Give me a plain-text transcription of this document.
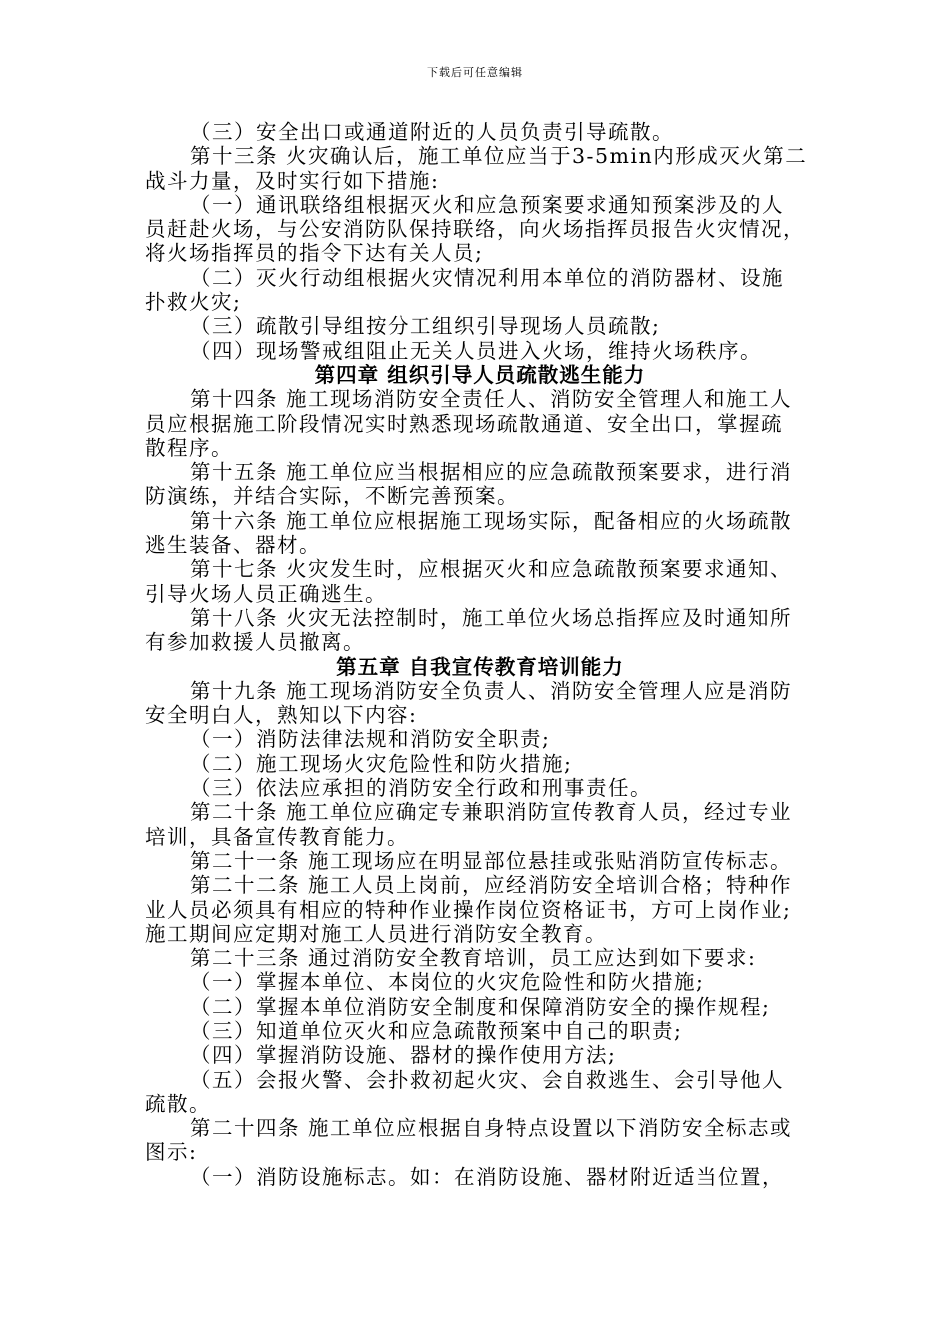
下载后可任意编辑
（三）安全出口或通道附近的人员负责引导疏散。
第十三条 火灾确认后，施工单位应当于3-5min内形成灭火第二
战斗力量，及时实行如下措施:
（一）通讯联络组根据灭火和应急预案要求通知预案涉及的人
员赶赴火场，与公安消防队保持联络，向火场指挥员报告火灾情况，
将火场指挥员的指令下达有关人员;
（二）灭火行动组根据火灾情况利用本单位的消防器材、设施
扑救火灾;
（三）疏散引导组按分工组织引导现场人员疏散;
（四）现场警戒组阻止无关人员进入火场，维持火场秩序。
第四章 组织引导人员疏散逃生能力
第十四条 施工现场消防安全责任人、消防安全管理人和施工人
员应根据施工阶段情况实时熟悉现场疏散通道、安全出口，掌握疏
散程序。
第十五条 施工单位应当根据相应的应急疏散预案要求，进行消
防演练，并结合实际，不断完善预案。
第十六条 施工单位应根据施工现场实际，配备相应的火场疏散
逃生装备、器材。
第十七条 火灾发生时，应根据灭火和应急疏散预案要求通知、
引导火场人员正确逃生。
第十八条 火灾无法控制时，施工单位火场总指挥应及时通知所
有参加救援人员撤离。
第五章 自我宣传教育培训能力
第十九条 施工现场消防安全负责人、消防安全管理人应是消防
安全明白人，熟知以下内容:
（一）消防法律法规和消防安全职责;
（二）施工现场火灾危险性和防火措施;
（三）依法应承担的消防安全行政和刑事责任。
第二十条 施工单位应确定专兼职消防宣传教育人员，经过专业
培训，具备宣传教育能力。
第二十一条 施工现场应在明显部位悬挂或张贴消防宣传标志。
第二十二条 施工人员上岗前，应经消防安全培训合格；特种作
业人员必须具有相应的特种作业操作岗位资格证书，方可上岗作业;
施工期间应定期对施工人员进行消防安全教育。
第二十三条 通过消防安全教育培训，员工应达到如下要求:
（一）掌握本单位、本岗位的火灾危险性和防火措施;
（二）掌握本单位消防安全制度和保障消防安全的操作规程;
（三）知道单位灭火和应急疏散预案中自己的职责;
（四）掌握消防设施、器材的操作使用方法;
（五）会报火警、会扑救初起火灾、会自救逃生、会引导他人
疏散。
第二十四条 施工单位应根据自身特点设置以下消防安全标志或
图示:
（一）消防设施标志。如：在消防设施、器材附近适当位置，
